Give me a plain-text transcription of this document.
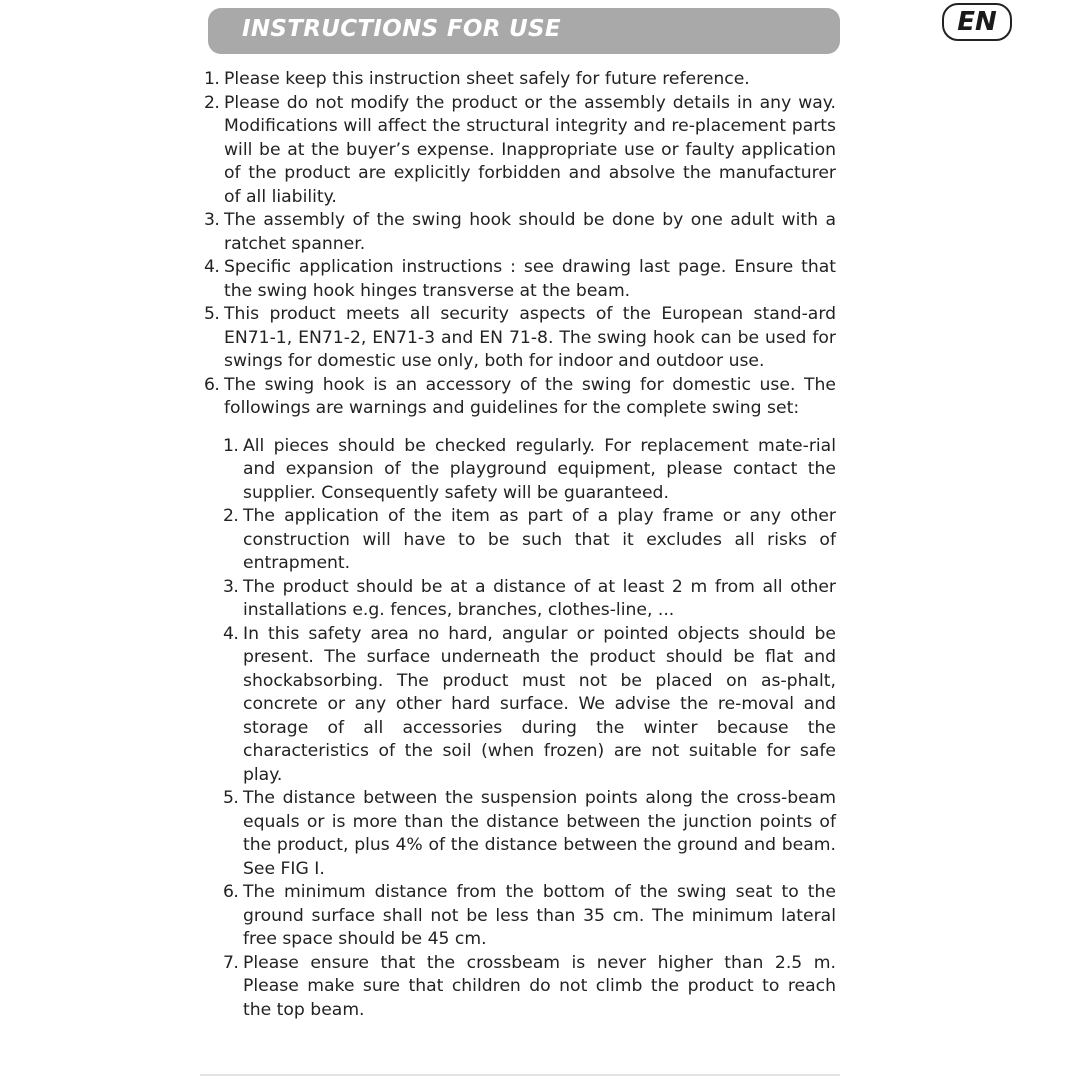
INSTRUCTIONS FOR USE	EN
1. Please keep this instruction sheet safely for future reference.
2. Please do not modify the product or the assembly details in any way. Modifications will affect the structural integrity and re-placement parts will be at the buyer’s expense. Inappropriate use or faulty application of the product are explicitly forbidden and absolve the manufacturer of all liability.
3. The assembly of the swing hook should be done by one adult with a ratchet spanner.
4. Specific application instructions : see drawing last page. Ensure that the swing hook hinges transverse at the beam.
5. This product meets all security aspects of the European stand-ard EN71-1, EN71-2, EN71-3 and EN 71-8. The swing hook can be used for swings for domestic use only, both for indoor and outdoor use.
6. The swing hook is an accessory of the swing for domestic use. The followings are warnings and guidelines for the complete swing set:
1. All pieces should be checked regularly. For replacement mate-rial and expansion of the playground equipment, please contact the supplier. Consequently safety will be guaranteed.
2. The application of the item as part of a play frame or any other construction will have to be such that it excludes all risks of entrapment.
3. The product should be at a distance of at least 2 m from all other installations e.g. fences, branches, clothes-line, ...
4. In this safety area no hard, angular or pointed objects should be present. The surface underneath the product should be flat and shockabsorbing. The product must not be placed on as-phalt, concrete or any other hard surface. We advise the re-moval and storage of all accessories during the winter because the characteristics of the soil (when frozen) are not suitable for safe play.
5. The distance between the suspension points along the cross-beam equals or is more than the distance between the junction points of the product, plus 4% of the distance between the ground and beam. See FIG I.
6. The minimum distance from the bottom of the swing seat to the ground surface shall not be less than 35 cm. The minimum lateral free space should be 45 cm.
7. Please ensure that the crossbeam is never higher than 2.5 m. Please make sure that children do not climb the product to reach the top beam.
